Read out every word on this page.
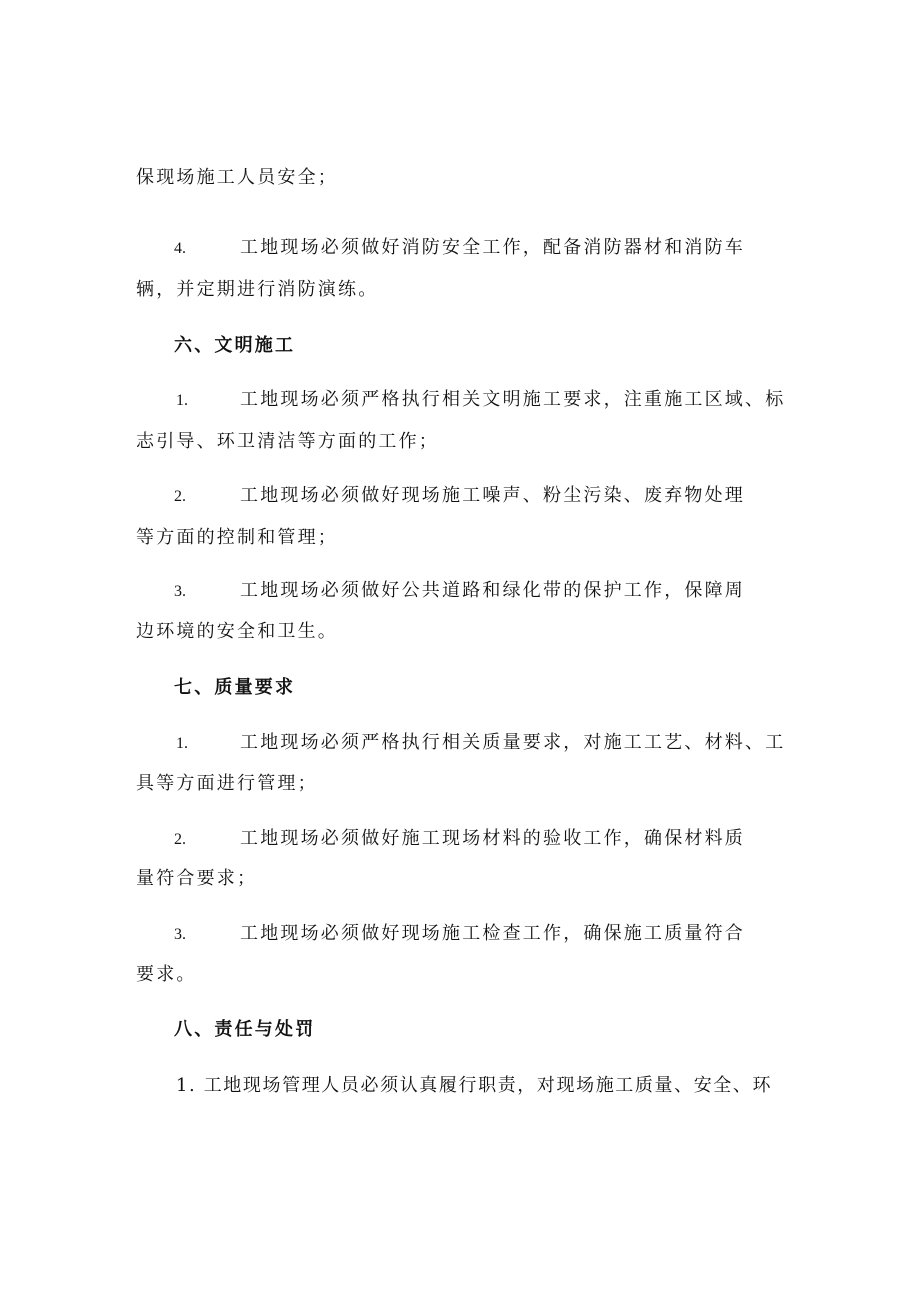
保现场施工人员安全；
4.	工地现场必须做好消防安全工作，配备消防器材和消防车
辆，并定期进行消防演练。
六、文明施工
1.	工地现场必须严格执行相关文明施工要求，注重施工区域、标
志引导、环卫清洁等方面的工作；
2.	工地现场必须做好现场施工噪声、粉尘污染、废弃物处理
等方面的控制和管理；
3.	工地现场必须做好公共道路和绿化带的保护工作，保障周
边环境的安全和卫生。
七、质量要求
1.	工地现场必须严格执行相关质量要求，对施工工艺、材料、工
具等方面进行管理；
2.	工地现场必须做好施工现场材料的验收工作，确保材料质
量符合要求；
3.	工地现场必须做好现场施工检查工作，确保施工质量符合
要求。
八、责任与处罚
1. 工地现场管理人员必须认真履行职责，对现场施工质量、安全、环
